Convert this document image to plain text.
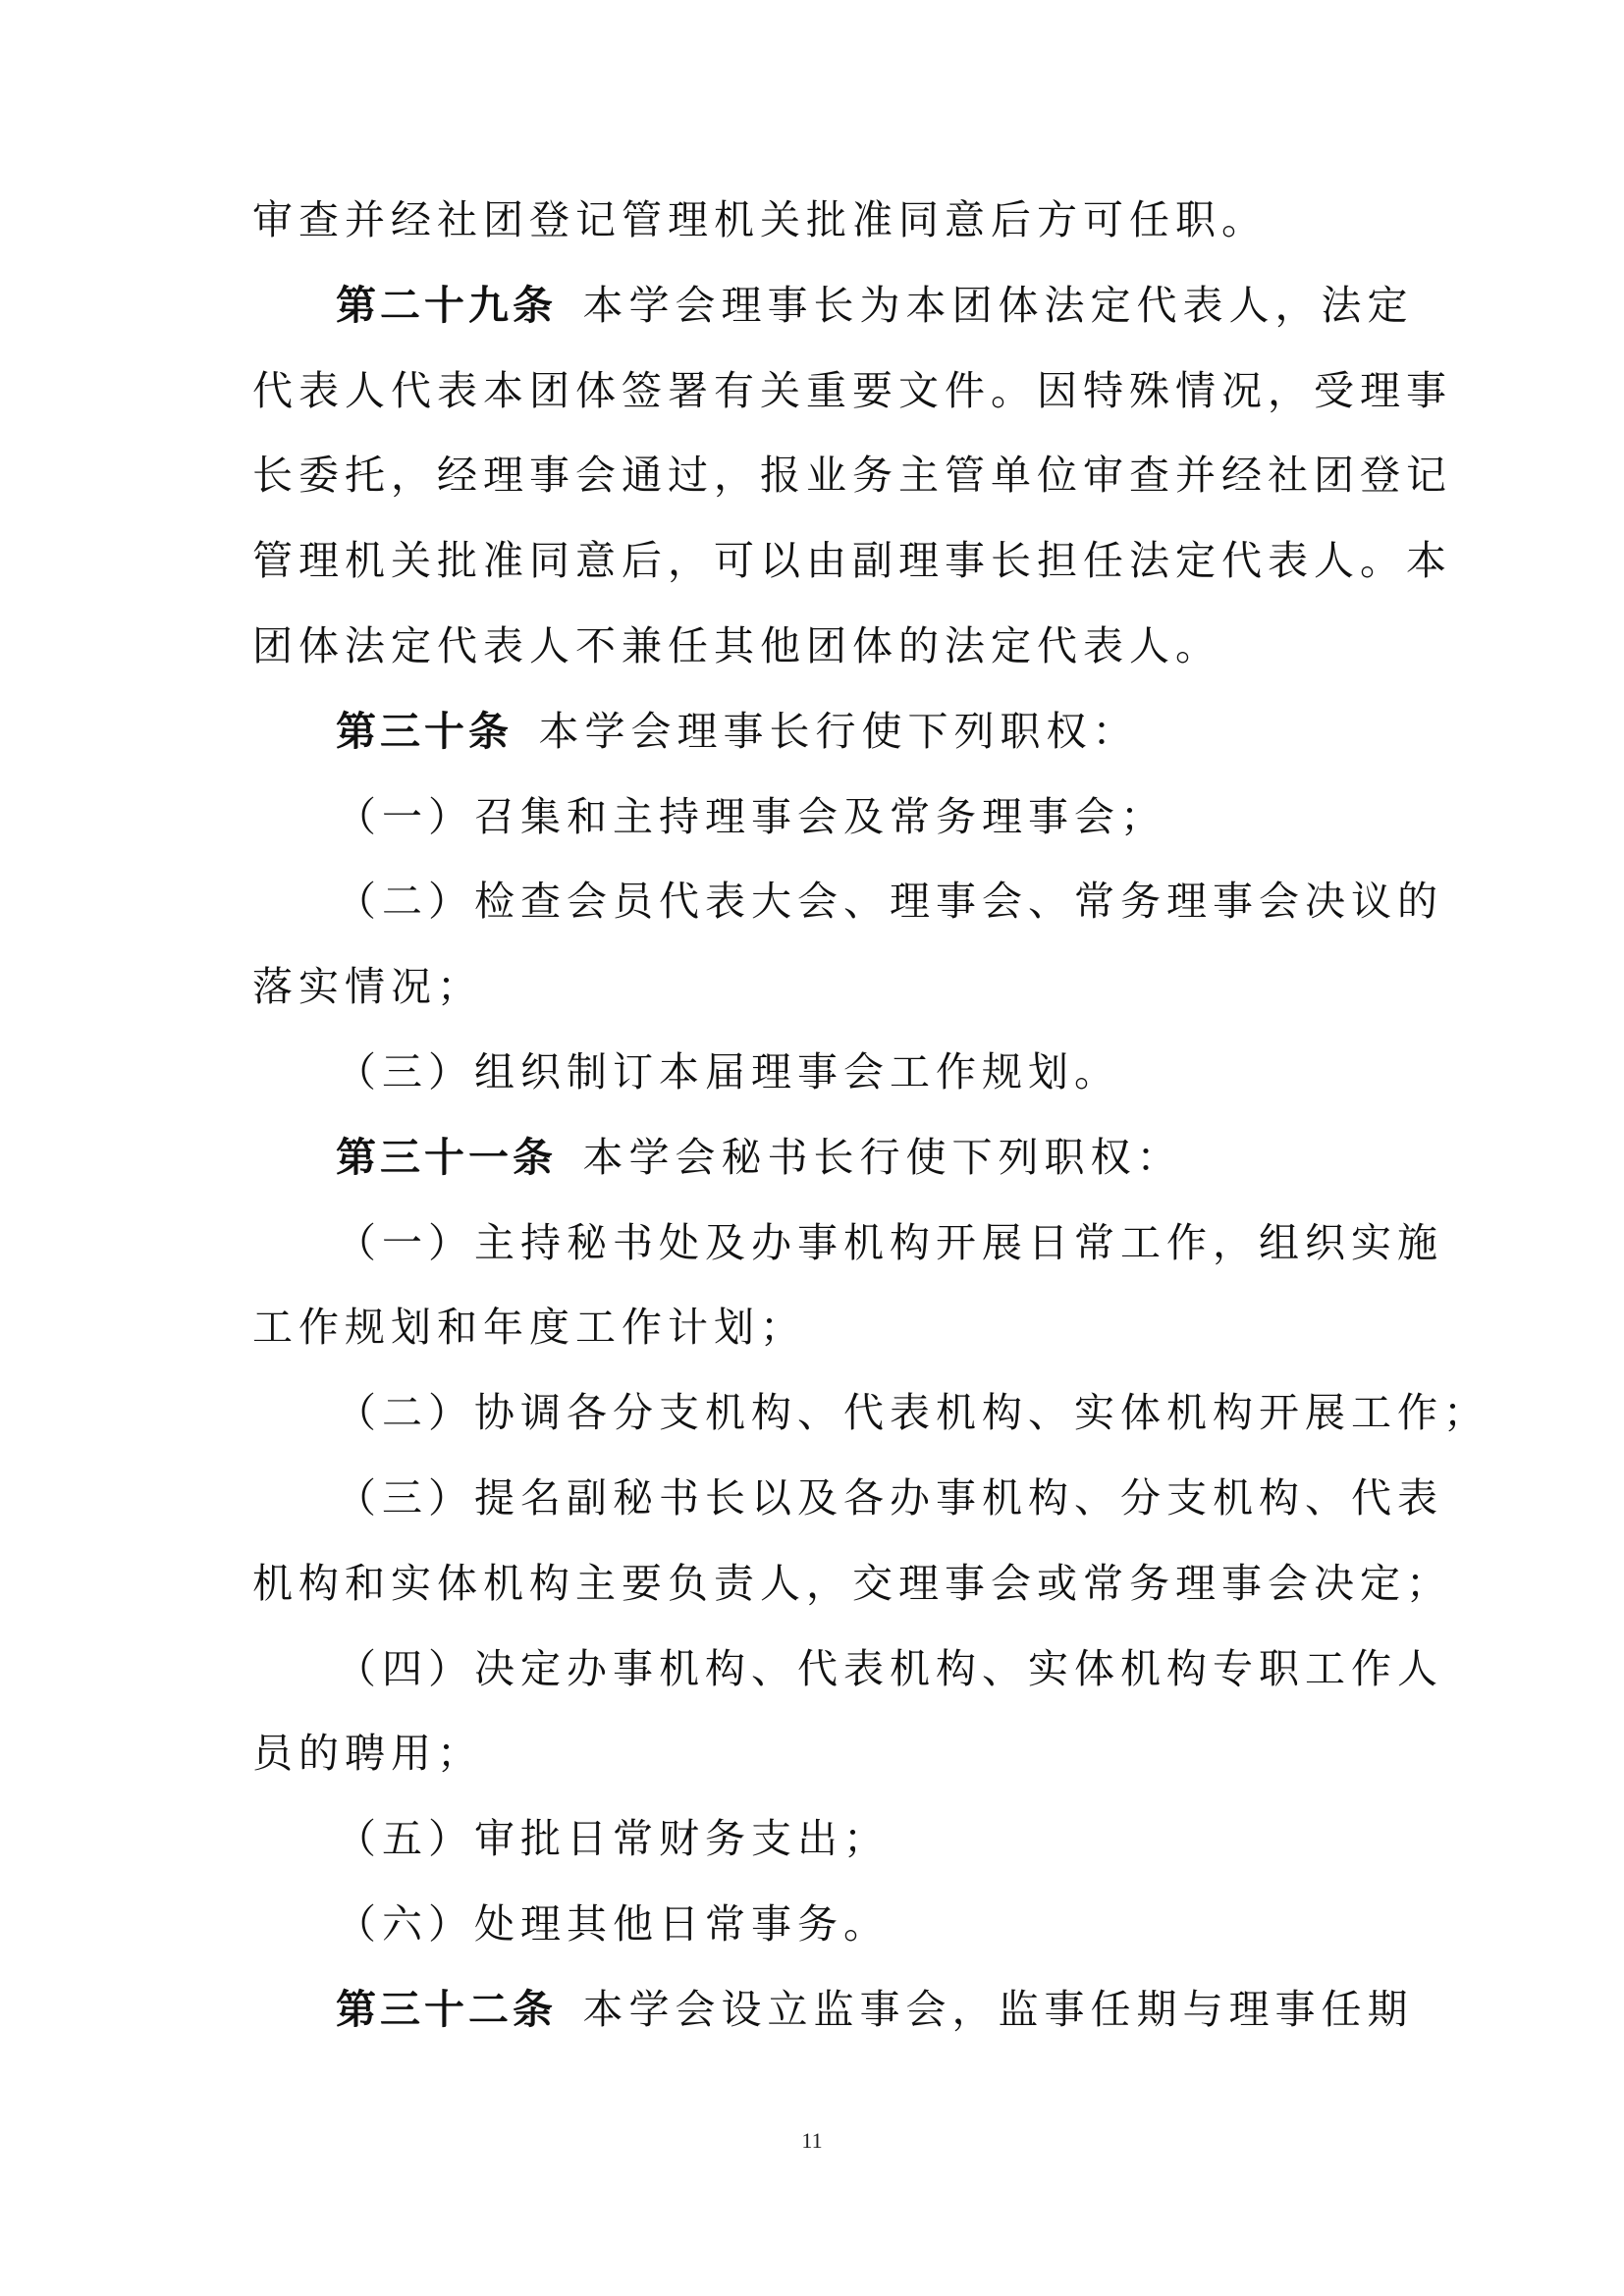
审查并经社团登记管理机关批准同意后方可任职。
第二十九条  本学会理事长为本团体法定代表人，法定
代表人代表本团体签署有关重要文件。因特殊情况，受理事
长委托，经理事会通过，报业务主管单位审查并经社团登记
管理机关批准同意后，可以由副理事长担任法定代表人。本
团体法定代表人不兼任其他团体的法定代表人。
第三十条  本学会理事长行使下列职权：
（一）召集和主持理事会及常务理事会；
（二）检查会员代表大会、理事会、常务理事会决议的
落实情况；
（三）组织制订本届理事会工作规划。
第三十一条  本学会秘书长行使下列职权：
（一）主持秘书处及办事机构开展日常工作，组织实施
工作规划和年度工作计划；
（二）协调各分支机构、代表机构、实体机构开展工作；
（三）提名副秘书长以及各办事机构、分支机构、代表
机构和实体机构主要负责人，交理事会或常务理事会决定；
（四）决定办事机构、代表机构、实体机构专职工作人
员的聘用；
（五）审批日常财务支出；
（六）处理其他日常事务。
第三十二条  本学会设立监事会，监事任期与理事任期
11
